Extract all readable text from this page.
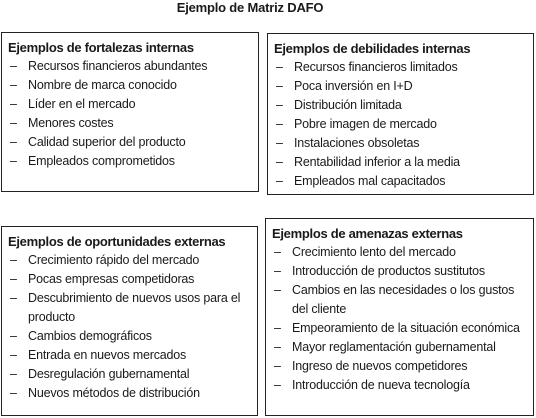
Ejemplo de Matriz DAFO
Ejemplos de fortalezas internas
– Recursos financieros abundantes
– Nombre de marca conocido
– Líder en el mercado
– Menores costes
– Calidad superior del producto
– Empleados comprometidos
Ejemplos de debilidades internas
– Recursos financieros limitados
– Poca inversión en I+D
– Distribución limitada
– Pobre imagen de mercado
– Instalaciones obsoletas
– Rentabilidad inferior a la media
– Empleados mal capacitados
Ejemplos de oportunidades externas
– Crecimiento rápido del mercado
– Pocas empresas competidoras
– Descubrimiento de nuevos usos para el producto
– Cambios demográficos
– Entrada en nuevos mercados
– Desregulación gubernamental
– Nuevos métodos de distribución
Ejemplos de amenazas externas
– Crecimiento lento del mercado
– Introducción de productos sustitutos
– Cambios en las necesidades o los gustos del cliente
– Empeoramiento de la situación económica
– Mayor reglamentación gubernamental
– Ingreso de nuevos competidores
– Introducción de nueva tecnología
